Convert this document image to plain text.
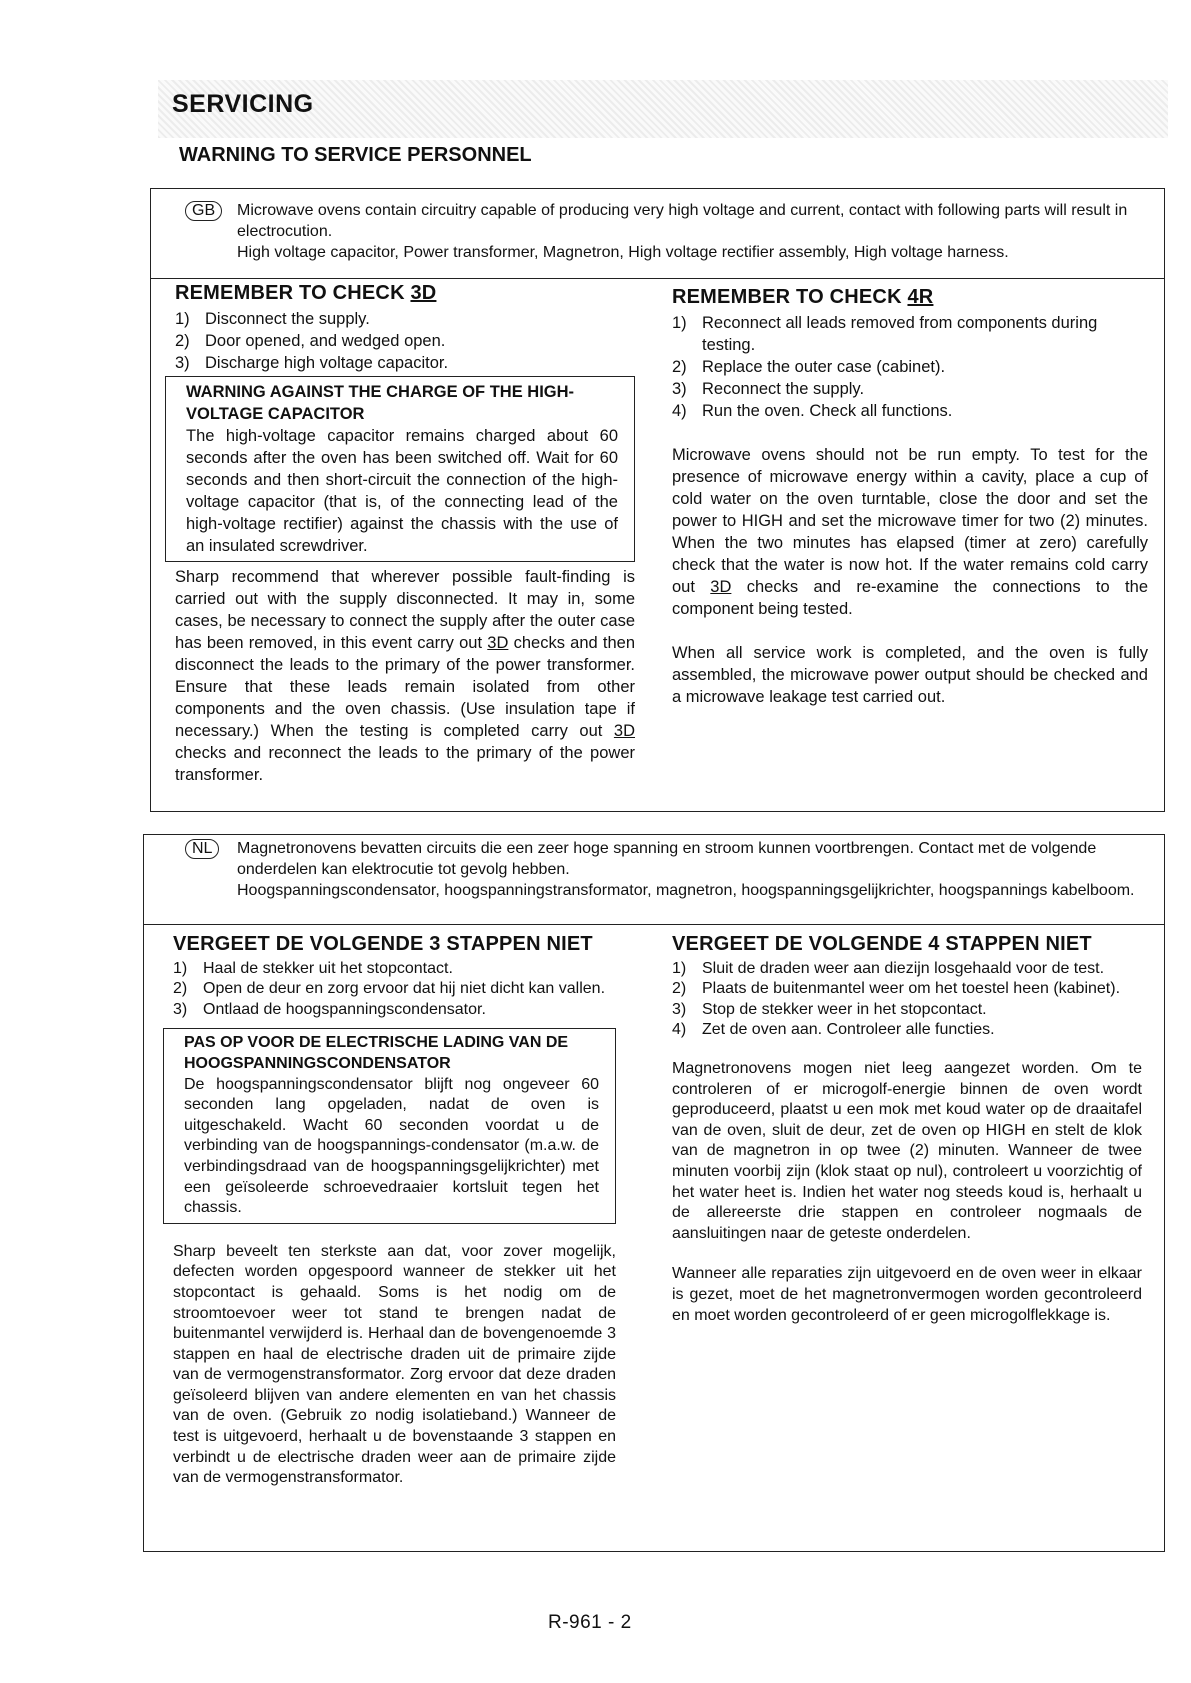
SERVICING
WARNING TO SERVICE PERSONNEL
GB Microwave ovens contain circuitry capable of producing very high voltage and current, contact with following parts will result in electrocution.

High voltage capacitor, Power transformer, Magnetron, High voltage rectifier assembly, High voltage harness.

REMEMBER TO CHECK 3D
1) Disconnect the supply.
2) Door opened, and wedged open.
3) Discharge high voltage capacitor.
WARNING AGAINST THE CHARGE OF THE HIGH-VOLTAGE CAPACITOR
The high-voltage capacitor remains charged about 60 seconds after the oven has been switched off. Wait for 60 seconds and then short-circuit the connection of the high-voltage capacitor (that is, of the connecting lead of the high-voltage rectifier) against the chassis with the use of an insulated screwdriver.

Sharp recommend that wherever possible fault-finding is carried out with the supply disconnected. It may in, some cases, be necessary to connect the supply after the outer case has been removed, in this event carry out 3D checks and then disconnect the leads to the primary of the power transformer. Ensure that these leads remain isolated from other components and the oven chassis. (Use insulation tape if necessary.) When the testing is completed carry out 3D checks and reconnect the leads to the primary of the power transformer.

REMEMBER TO CHECK 4R
1) Reconnect all leads removed from components during testing.
2) Replace the outer case (cabinet).
3) Reconnect the supply.
4) Run the oven. Check all functions.

Microwave ovens should not be run empty. To test for the presence of microwave energy within a cavity, place a cup of cold water on the oven turntable, close the door and set the power to HIGH and set the microwave timer for two (2) minutes. When the two minutes has elapsed (timer at zero) carefully check that the water is now hot. If the water remains cold carry out 3D checks and re-examine the connections to the component being tested.

When all service work is completed, and the oven is fully assembled, the microwave power output should be checked and a microwave leakage test carried out.

NL Magnetronovens bevatten circuits die een zeer hoge spanning en stroom kunnen voortbrengen. Contact met de volgende onderdelen kan elektrocutie tot gevolg hebben.

Hoogspanningscondensator, hoogspanningstransformator, magnetron, hoogspanningsgelijkrichter, hoogspannings kabelboom.

VERGEET DE VOLGENDE 3 STAPPEN NIET
1) Haal de stekker uit het stopcontact.
2) Open de deur en zorg ervoor dat hij niet dicht kan vallen.
3) Ontlaad de hoogspanningscondensator.
PAS OP VOOR DE ELECTRISCHE LADING VAN DE HOOGSPANNINGSCONDENSATOR
De hoogspanningscondensator blijft nog ongeveer 60 seconden lang opgeladen, nadat de oven is uitgeschakeld. Wacht 60 seconden voordat u de verbinding van de hoogspannings-condensator (m.a.w. de verbindingsdraad van de hoogspanningsgelijkrichter) met een geïsoleerde schroevedraaier kortsluit tegen het chassis.

Sharp beveelt ten sterkste aan dat, voor zover mogelijk, defecten worden opgespoord wanneer de stekker uit het stopcontact is gehaald. Soms is het nodig om de stroomtoevoer weer tot stand te brengen nadat de buitenmantel verwijderd is. Herhaal dan de bovengenoemde 3 stappen en haal de electrische draden uit de primaire zijde van de vermogenstransformator. Zorg ervoor dat deze draden geïsoleerd blijven van andere elementen en van het chassis van de oven. (Gebruik zo nodig isolatieband.) Wanneer de test is uitgevoerd, herhaalt u de bovenstaande 3 stappen en verbindt u de electrische draden weer aan de primaire zijde van de vermogenstransformator.

VERGEET DE VOLGENDE 4 STAPPEN NIET
1) Sluit de draden weer aan diezijn losgehaald voor de test.
2) Plaats de buitenmantel weer om het toestel heen (kabinet).
3) Stop de stekker weer in het stopcontact.
4) Zet de oven aan. Controleer alle functies.

Magnetronovens mogen niet leeg aangezet worden. Om te controleren of er microgolf-energie binnen de oven wordt geproduceerd, plaatst u een mok met koud water op de draaitafel van de oven, sluit de deur, zet de oven op HIGH en stelt de klok van de magnetron in op twee (2) minuten. Wanneer de twee minuten voorbij zijn (klok staat op nul), controleert u voorzichtig of het water heet is. Indien het water nog steeds koud is, herhaalt u de allereerste drie stappen en controleer nogmaals de aansluitingen naar de geteste onderdelen.

Wanneer alle reparaties zijn uitgevoerd en de oven weer in elkaar is gezet, moet de het magnetronvermogen worden gecontroleerd en moet worden gecontroleerd of er geen microgolflekkage is.

R-961 - 2
